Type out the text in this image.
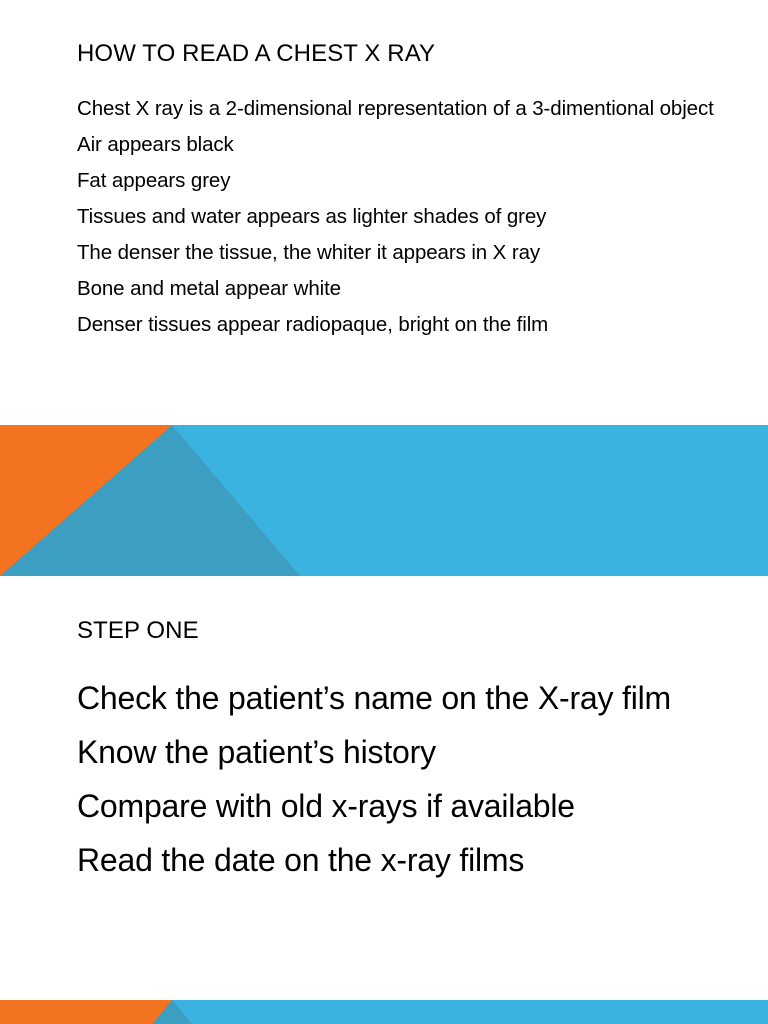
HOW TO READ A CHEST X RAY
Chest X ray is a 2-dimensional representation of a 3-dimentional object
Air appears black
Fat appears grey
Tissues and water appears as lighter shades of grey
The denser the tissue, the whiter it appears in X ray
Bone and metal appear white
Denser tissues appear radiopaque, bright on the film
STEP ONE
Check the patient’s name on the X-ray film
Know the patient’s history
Compare with old x-rays if available
Read the date on the x-ray films
